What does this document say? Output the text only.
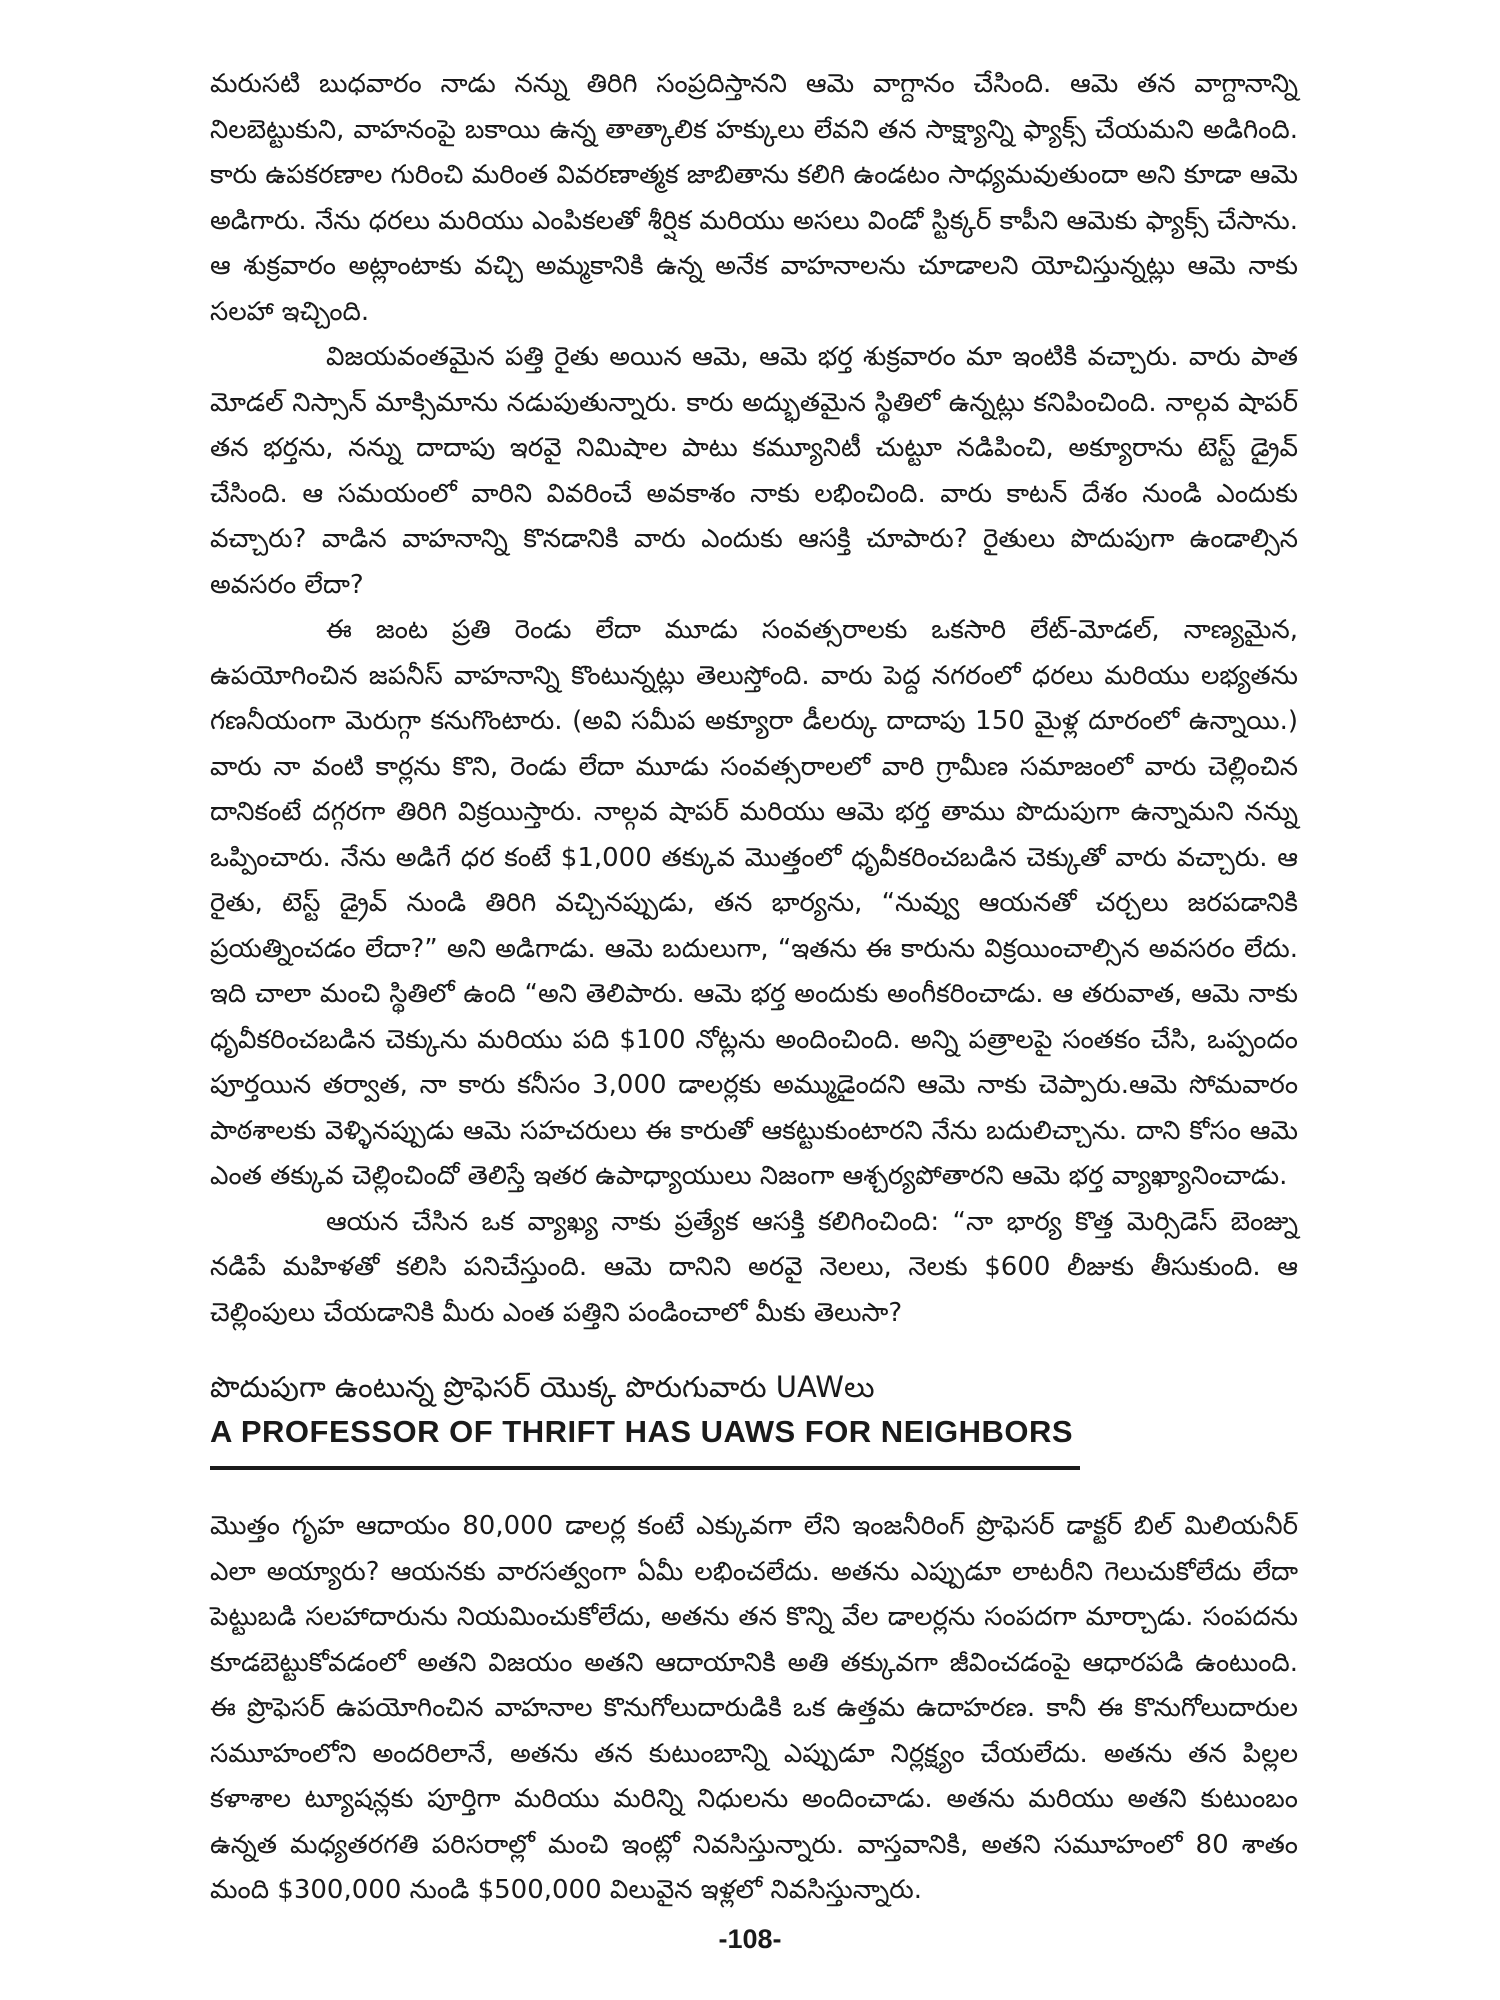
మరుసటి బుధవారం నాడు నన్ను తిరిగి సంప్రదిస్తానని ఆమె వాగ్దానం చేసింది. ఆమె తన వాగ్దానాన్ని నిలబెట్టుకుని, వాహనంపై బకాయి ఉన్న తాత్కాలిక హక్కులు లేవని తన సాక్ష్యాన్ని ఫ్యాక్స్ చేయమని అడిగింది. కారు ఉపకరణాల గురించి మరింత వివరణాత్మక జాబితాను కలిగి ఉండటం సాధ్యమవుతుందా అని కూడా ఆమె అడిగారు. నేను ధరలు మరియు ఎంపికలతో శీర్షిక మరియు అసలు విండో స్టిక్కర్ కాపీని ఆమెకు ఫ్యాక్స్ చేసాను. ఆ శుక్రవారం అట్లాంటాకు వచ్చి అమ్మకానికి ఉన్న అనేక వాహనాలను చూడాలని యోచిస్తున్నట్లు ఆమె నాకు సలహా ఇచ్చింది.

విజయవంతమైన పత్తి రైతు అయిన ఆమె, ఆమె భర్త శుక్రవారం మా ఇంటికి వచ్చారు. వారు పాత మోడల్ నిస్సాన్ మాక్సిమాను నడుపుతున్నారు. కారు అద్భుతమైన స్థితిలో ఉన్నట్లు కనిపించింది. నాల్గవ షాపర్ తన భర్తను, నన్ను దాదాపు ఇరవై నిమిషాల పాటు కమ్యూనిటీ చుట్టూ నడిపించి, అక్యూరాను టెస్ట్ డ్రైవ్ చేసింది. ఆ సమయంలో వారిని వివరించే అవకాశం నాకు లభించింది. వారు కాటన్ దేశం నుండి ఎందుకు వచ్చారు? వాడిన వాహనాన్ని కొనడానికి వారు ఎందుకు ఆసక్తి చూపారు? రైతులు పొదుపుగా ఉండాల్సిన అవసరం లేదా?

ఈ జంట ప్రతి రెండు లేదా మూడు సంవత్సరాలకు ఒకసారి లేట్-మోడల్, నాణ్యమైన, ఉపయోగించిన జపనీస్ వాహనాన్ని కొంటున్నట్లు తెలుస్తోంది. వారు పెద్ద నగరంలో ధరలు మరియు లభ్యతను గణనీయంగా మెరుగ్గా కనుగొంటారు. (అవి సమీప అక్యూరా డీలర్కు దాదాపు 150 మైళ్ల దూరంలో ఉన్నాయి.) వారు నా వంటి కార్లను కొని, రెండు లేదా మూడు సంవత్సరాలలో వారి గ్రామీణ సమాజంలో వారు చెల్లించిన దానికంటే దగ్గరగా తిరిగి విక్రయిస్తారు. నాల్గవ షాపర్ మరియు ఆమె భర్త తాము పొదుపుగా ఉన్నామని నన్ను ఒప్పించారు. నేను అడిగే ధర కంటే $1,000 తక్కువ మొత్తంలో ధృవీకరించబడిన చెక్కుతో వారు వచ్చారు. ఆ రైతు, టెస్ట్ డ్రైవ్ నుండి తిరిగి వచ్చినప్పుడు, తన భార్యను, “నువ్వు ఆయనతో చర్చలు జరపడానికి ప్రయత్నించడం లేదా?” అని అడిగాడు. ఆమె బదులుగా, “ఇతను ఈ కారును విక్రయించాల్సిన అవసరం లేదు. ఇది చాలా మంచి స్థితిలో ఉంది “అని తెలిపారు. ఆమె భర్త అందుకు అంగీకరించాడు. ఆ తరువాత, ఆమె నాకు ధృవీకరించబడిన చెక్కును మరియు పది $100 నోట్లను అందించింది. అన్ని పత్రాలపై సంతకం చేసి, ఒప్పందం పూర్తయిన తర్వాత, నా కారు కనీసం 3,000 డాలర్లకు అమ్ముడైందని ఆమె నాకు చెప్పారు.ఆమె సోమవారం పాఠశాలకు వెళ్ళినప్పుడు ఆమె సహచరులు ఈ కారుతో ఆకట్టుకుంటారని నేను బదులిచ్చాను. దాని కోసం ఆమె ఎంత తక్కువ చెల్లించిందో తెలిస్తే ఇతర ఉపాధ్యాయులు నిజంగా ఆశ్చర్యపోతారని ఆమె భర్త వ్యాఖ్యానించాడు.

ఆయన చేసిన ఒక వ్యాఖ్య నాకు ప్రత్యేక ఆసక్తి కలిగించింది: “నా భార్య కొత్త మెర్సిడెస్ బెంజ్ను నడిపే మహిళతో కలిసి పనిచేస్తుంది. ఆమె దానిని అరవై నెలలు, నెలకు $600 లీజుకు తీసుకుంది. ఆ చెల్లింపులు చేయడానికి మీరు ఎంత పత్తిని పండించాలో మీకు తెలుసా?

పొదుపుగా ఉంటున్న ప్రొఫెసర్ యొక్క పొరుగువారు UAWలు

A PROFESSOR OF THRIFT HAS UAWS FOR NEIGHBORS

మొత్తం గృహ ఆదాయం 80,000 డాలర్ల కంటే ఎక్కువగా లేని ఇంజనీరింగ్ ప్రొఫెసర్ డాక్టర్ బిల్ మిలియనీర్ ఎలా అయ్యారు? ఆయనకు వారసత్వంగా ఏమీ లభించలేదు. అతను ఎప్పుడూ లాటరీని గెలుచుకోలేదు లేదా పెట్టుబడి సలహాదారును నియమించుకోలేదు, అతను తన కొన్ని వేల డాలర్లను సంపదగా మార్చాడు. సంపదను కూడబెట్టుకోవడంలో అతని విజయం అతని ఆదాయానికి అతి తక్కువగా జీవించడంపై ఆధారపడి ఉంటుంది. ఈ ప్రొఫెసర్ ఉపయోగించిన వాహనాల కొనుగోలుదారుడికి ఒక ఉత్తమ ఉదాహరణ. కానీ ఈ కొనుగోలుదారుల సమూహంలోని అందరిలానే, అతను తన కుటుంబాన్ని ఎప్పుడూ నిర్లక్ష్యం చేయలేదు. అతను తన పిల్లల కళాశాల ట్యూషన్లకు పూర్తిగా మరియు మరిన్ని నిధులను అందించాడు. అతను మరియు అతని కుటుంబం ఉన్నత మధ్యతరగతి పరిసరాల్లో మంచి ఇంట్లో నివసిస్తున్నారు. వాస్తవానికి, అతని సమూహంలో 80 శాతం మంది $300,000 నుండి $500,000 విలువైన ఇళ్లలో నివసిస్తున్నారు.

-108-
